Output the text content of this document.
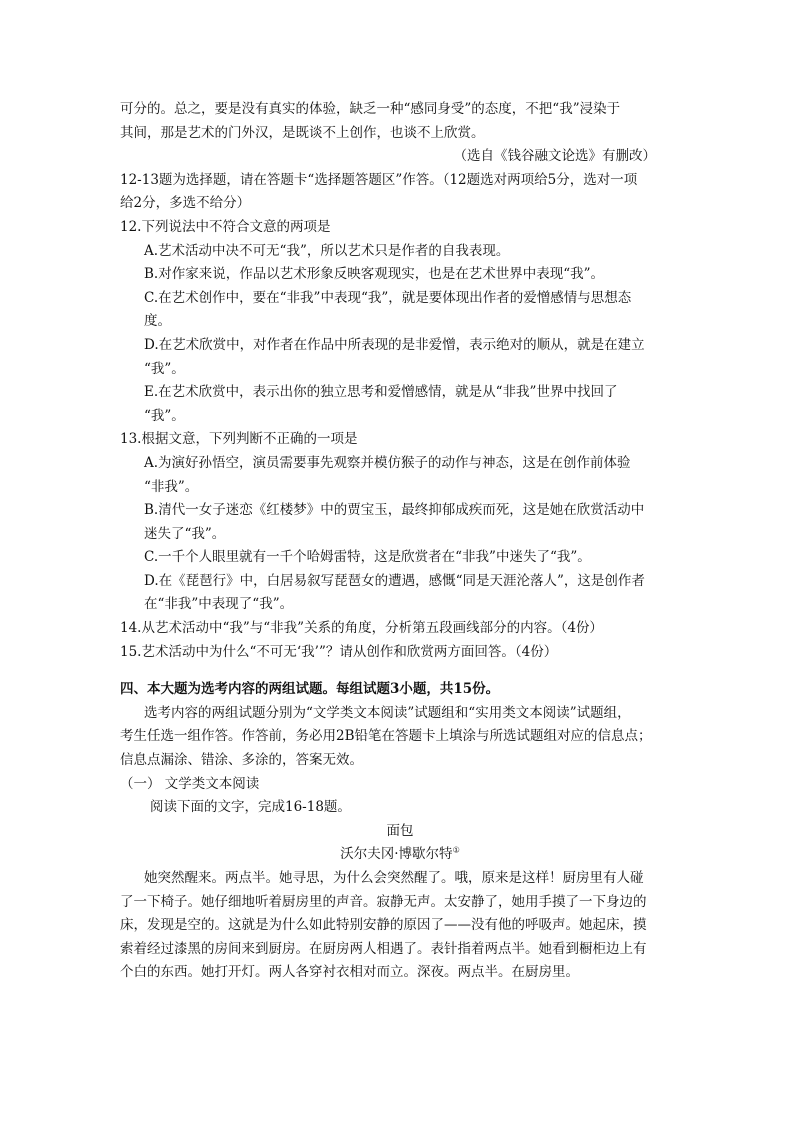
可分的。总之，要是没有真实的体验，缺乏一种“感同身受”的态度，不把“我”浸染于
其间，那是艺术的门外汉，是既谈不上创作，也谈不上欣赏。
（选自《钱谷融文论选》有删改）
12-13题为选择题，请在答题卡“选择题答题区”作答。（12题选对两项给5分，选对一项
给2分，多选不给分）
12.下列说法中不符合文意的两项是
A.艺术活动中决不可无“我”，所以艺术只是作者的自我表现。
B.对作家来说，作品以艺术形象反映客观现实，也是在艺术世界中表现“我”。
C.在艺术创作中，要在“非我”中表现“我”，就是要体现出作者的爱憎感情与思想态
度。
D.在艺术欣赏中，对作者在作品中所表现的是非爱憎，表示绝对的顺从，就是在建立
“我”。
E.在艺术欣赏中，表示出你的独立思考和爱憎感情，就是从“非我”世界中找回了
“我”。
13.根据文意，下列判断不正确的一项是
A.为演好孙悟空，演员需要事先观察并模仿猴子的动作与神态，这是在创作前体验
“非我”。
B.清代一女子迷恋《红楼梦》中的贾宝玉，最终抑郁成疾而死，这是她在欣赏活动中
迷失了“我”。
C.一千个人眼里就有一千个哈姆雷特，这是欣赏者在“非我”中迷失了“我”。
D.在《琵琶行》中，白居易叙写琵琶女的遭遇，感慨“同是天涯沦落人”，这是创作者
在“非我”中表现了“我”。
14.从艺术活动中“我”与“非我”关系的角度，分析第五段画线部分的内容。（4份）
15.艺术活动中为什么“不可无‘我’”？请从创作和欣赏两方面回答。（4份）
四、本大题为选考内容的两组试题。每组试题3小题，共15份。
选考内容的两组试题分别为“文学类文本阅读”试题组和“实用类文本阅读”试题组，
考生任选一组作答。作答前，务必用2B铅笔在答题卡上填涂与所选试题组对应的信息点；
信息点漏涂、错涂、多涂的，答案无效。
（一） 文学类文本阅读
阅读下面的文字，完成16-18题。
面包
沃尔夫冈·博歇尔特①
她突然醒来。两点半。她寻思，为什么会突然醒了。哦，原来是这样！厨房里有人碰
了一下椅子。她仔细地听着厨房里的声音。寂静无声。太安静了，她用手摸了一下身边的
床，发现是空的。这就是为什么如此特别安静的原因了——没有他的呼吸声。她起床，摸
索着经过漆黑的房间来到厨房。在厨房两人相遇了。表针指着两点半。她看到橱柜边上有
个白的东西。她打开灯。两人各穿衬衣相对而立。深夜。两点半。在厨房里。
